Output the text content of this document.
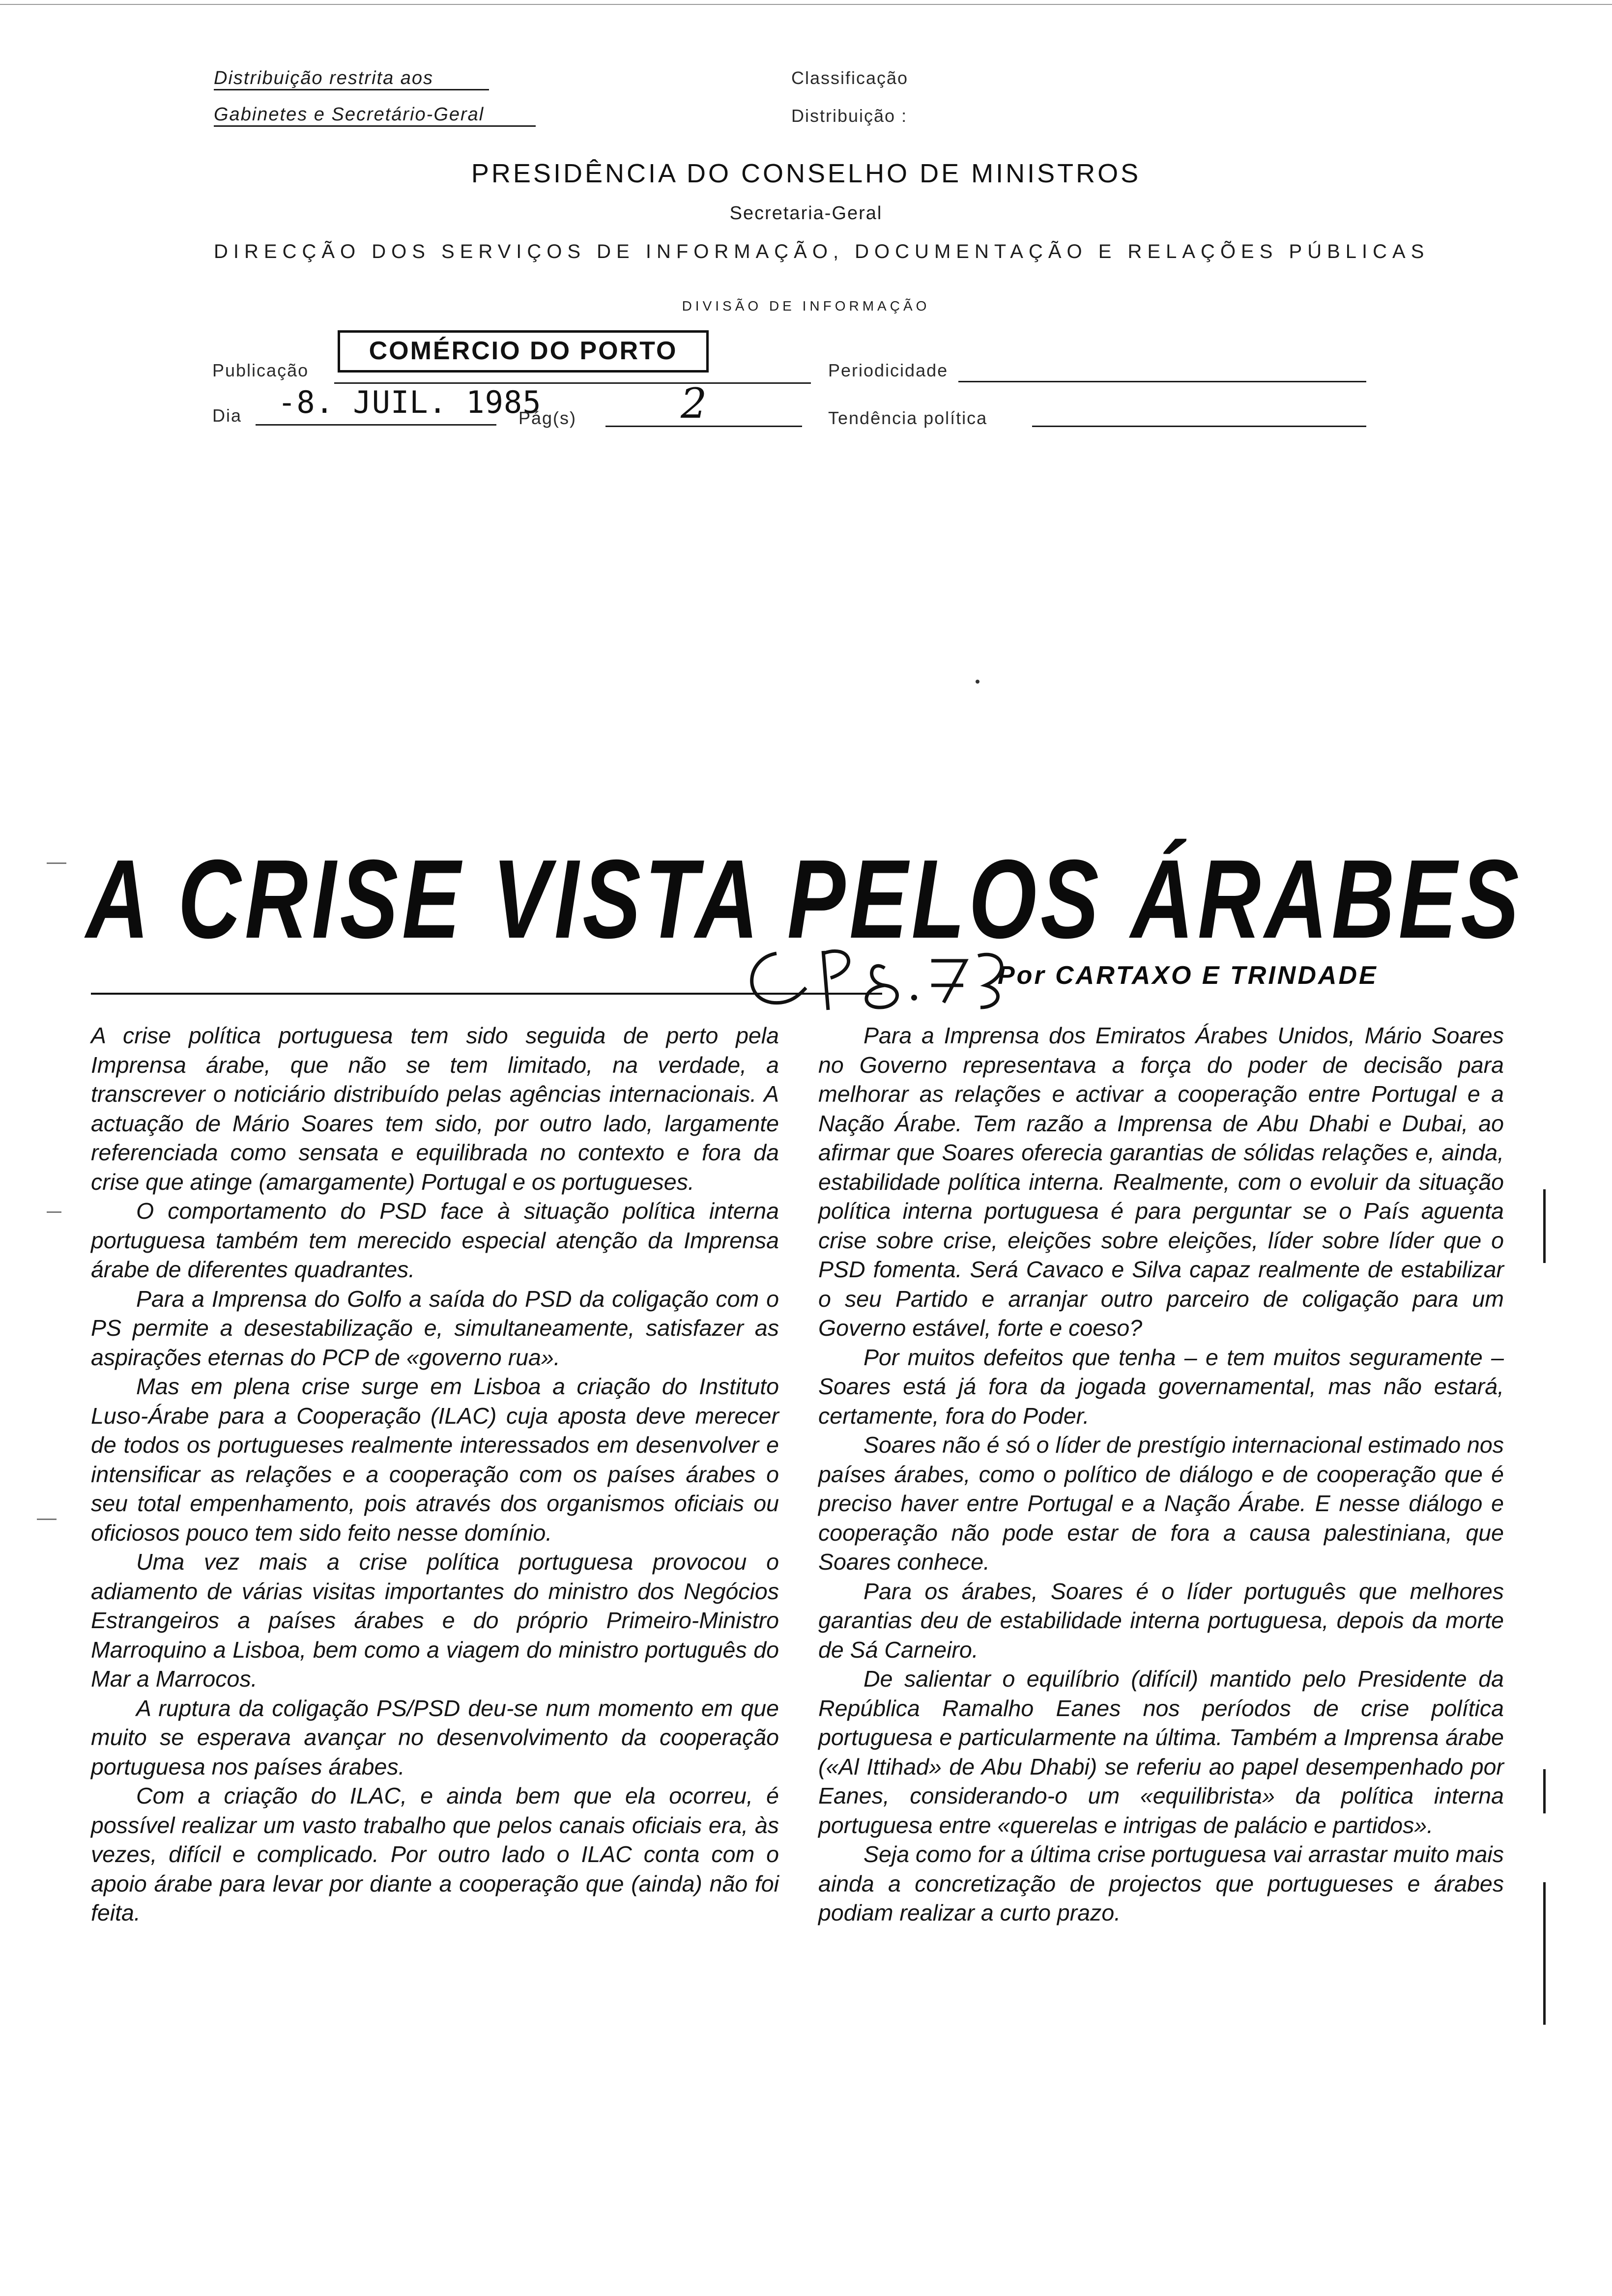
Distribuição restrita aos
Gabinetes e Secretário-Geral
Classificação
Distribuição :
PRESIDÊNCIA DO CONSELHO DE MINISTROS
Secretaria-Geral
DIRECÇÃO DOS SERVIÇOS DE INFORMAÇÃO, DOCUMENTAÇÃO E RELAÇÕES PÚBLICAS
DIVISÃO DE INFORMAÇÃO
Publicação
COMÉRCIO DO PORTO
Periodicidade
Dia -8. JUIL. 1985
Pág(s)	2	Tendência política
A CRISE VISTA PELOS ÁRABES
Por CARTAXO E TRINDADE

A crise política portuguesa tem sido seguida de perto pela Imprensa árabe, que não se tem limitado, na verdade, a transcrever o noticiário distribuído pelas agências internacionais. A actuação de Mário Soares tem sido, por outro lado, largamente referenciada como sensata e equilibrada no contexto e fora da crise que atinge (amargamente) Portugal e os portugueses.

O comportamento do PSD face à situação política interna portuguesa também tem merecido especial atenção da Imprensa árabe de diferentes quadrantes.

Para a Imprensa do Golfo a saída do PSD da coligação com o PS permite a desestabilização e, simultaneamente, satisfazer as aspirações eternas do PCP de «governo rua».

Mas em plena crise surge em Lisboa a criação do Instituto Luso-Árabe para a Cooperação (ILAC) cuja aposta deve merecer de todos os portugueses realmente interessados em desenvolver e intensificar as relações e a cooperação com os países árabes o seu total empenhamento, pois através dos organismos oficiais ou oficiosos pouco tem sido feito nesse domínio.

Uma vez mais a crise política portuguesa provocou o adiamento de várias visitas importantes do ministro dos Negócios Estrangeiros a países árabes e do próprio Primeiro-Ministro Marroquino a Lisboa, bem como a viagem do ministro português do Mar a Marrocos.

A ruptura da coligação PS/PSD deu-se num momento em que muito se esperava avançar no desenvolvimento da cooperação portuguesa nos países árabes.

Com a criação do ILAC, e ainda bem que ela ocorreu, é possível realizar um vasto trabalho que pelos canais oficiais era, às vezes, difícil e complicado. Por outro lado o ILAC conta com o apoio árabe para levar por diante a cooperação que (ainda) não foi feita.

Para a Imprensa dos Emiratos Árabes Unidos, Mário Soares no Governo representava a força do poder de decisão para melhorar as relações e activar a cooperação entre Portugal e a Nação Árabe. Tem razão a Imprensa de Abu Dhabi e Dubai, ao afirmar que Soares oferecia garantias de sólidas relações e, ainda, estabilidade política interna. Realmente, com o evoluir da situação política interna portuguesa é para perguntar se o País aguenta crise sobre crise, eleições sobre eleições, líder sobre líder que o PSD fomenta. Será Cavaco e Silva capaz realmente de estabilizar o seu Partido e arranjar outro parceiro de coligação para um Governo estável, forte e coeso?

Por muitos defeitos que tenha – e tem muitos seguramente – Soares está já fora da jogada governamental, mas não estará, certamente, fora do Poder.

Soares não é só o líder de prestígio internacional estimado nos países árabes, como o político de diálogo e de cooperação que é preciso haver entre Portugal e a Nação Árabe. E nesse diálogo e cooperação não pode estar de fora a causa palestiniana, que Soares conhece.

Para os árabes, Soares é o líder português que melhores garantias deu de estabilidade interna portuguesa, depois da morte de Sá Carneiro.

De salientar o equilíbrio (difícil) mantido pelo Presidente da República Ramalho Eanes nos períodos de crise política portuguesa e particularmente na última. Também a Imprensa árabe («Al Ittihad» de Abu Dhabi) se referiu ao papel desempenhado por Eanes, considerando-o um «equilibrista» da política interna portuguesa entre «querelas e intrigas de palácio e partidos».

Seja como for a última crise portuguesa vai arrastar muito mais ainda a concretização de projectos que portugueses e árabes podiam realizar a curto prazo.
